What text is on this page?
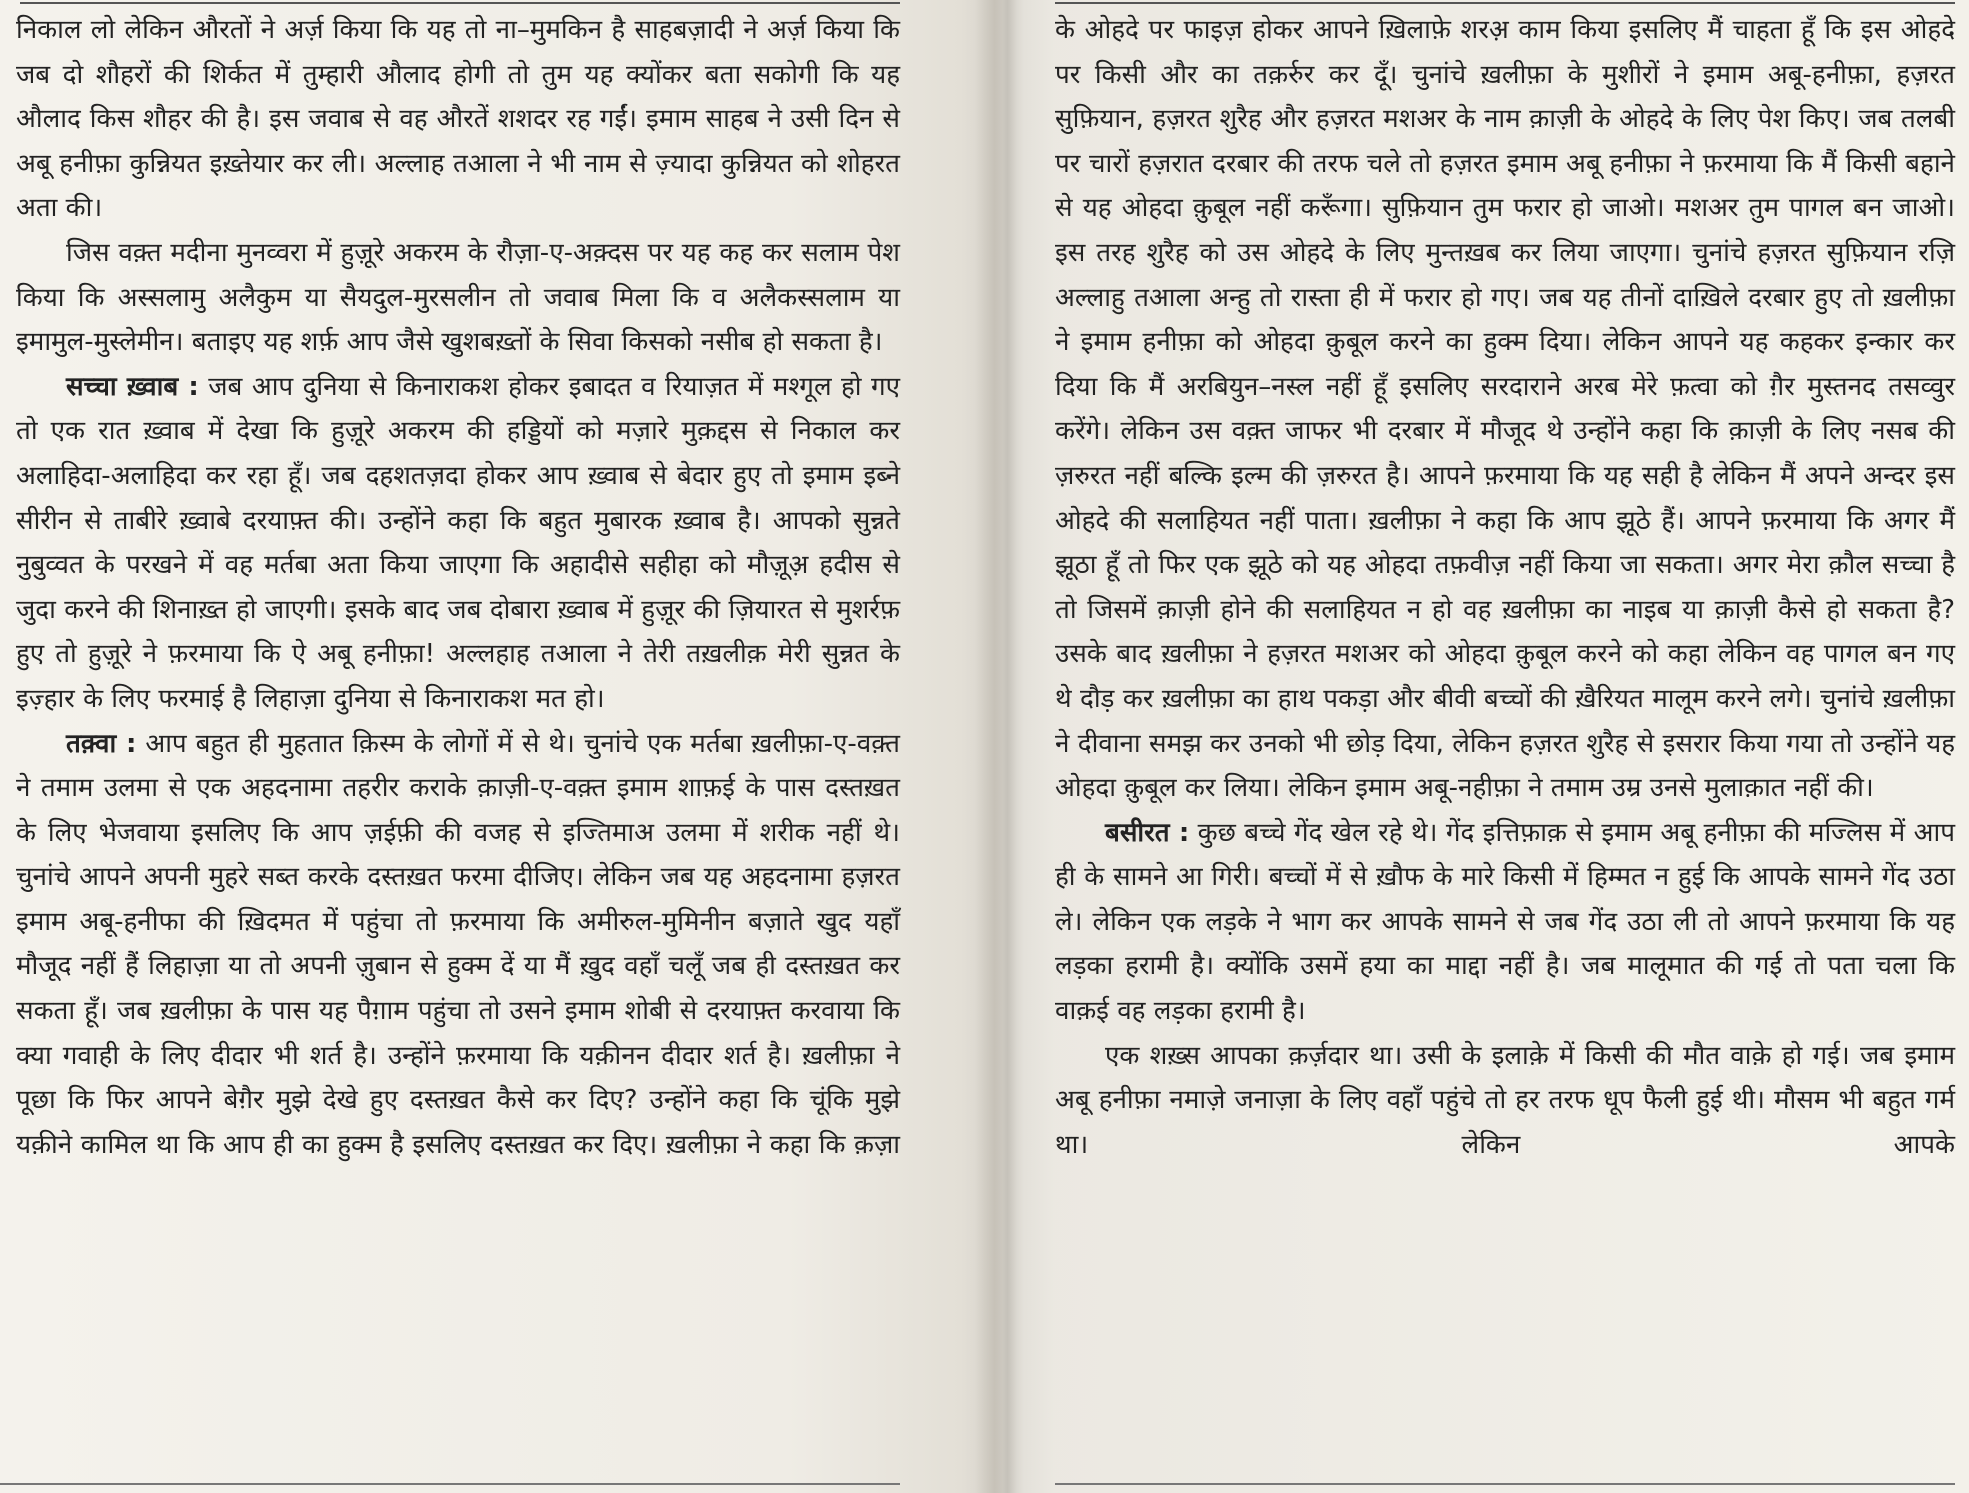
निकाल लो लेकिन औरतों ने अर्ज़ किया कि यह तो ना–मुमकिन है साहबज़ादी ने अर्ज़ किया कि जब दो शौहरों की शिर्कत में तुम्हारी औलाद होगी तो तुम यह क्योंकर बता सकोगी कि यह औलाद किस शौहर की है। इस जवाब से वह औरतें शशदर रह गईं। इमाम साहब ने उसी दिन से अबू हनीफ़ा कुन्नियत इख़्तेयार कर ली। अल्लाह तआला ने भी नाम से ज़्यादा कुन्नियत को शोहरत अता की।

जिस वक़्त मदीना मुनव्वरा में हुज़ूरे अकरम के रौज़ा-ए-अक़्दस पर यह कह कर सलाम पेश किया कि अस्सलामु अलैकुम या सैयदुल-मुरसलीन तो जवाब मिला कि व अलैकस्सलाम या इमामुल-मुस्लेमीन। बताइए यह शर्फ़ आप जैसे खुशबख़्तों के सिवा किसको नसीब हो सकता है।

सच्चा ख़्वाब : जब आप दुनिया से किनाराकश होकर इबादत व रियाज़त में मश्गूल हो गए तो एक रात ख़्वाब में देखा कि हुज़ूरे अकरम की हड्डियों को मज़ारे मुक़द्दस से निकाल कर अलाहिदा-अलाहिदा कर रहा हूँ। जब दहशतज़दा होकर आप ख़्वाब से बेदार हुए तो इमाम इब्ने सीरीन से ताबीरे ख़्वाबे दरयाफ़्त की। उन्होंने कहा कि बहुत मुबारक ख़्वाब है। आपको सुन्नते नुबुव्वत के परखने में वह मर्तबा अता किया जाएगा कि अहादीसे सहीहा को मौज़ूअ़ हदीस से जुदा करने की शिनाख़्त हो जाएगी। इसके बाद जब दोबारा ख़्वाब में हुज़ूर की ज़ियारत से मुशर्रफ़ हुए तो हुज़ूरे ने फ़रमाया कि ऐ अबू हनीफ़ा! अल्लहाह तआला ने तेरी तख़लीक़ मेरी सुन्नत के इज़्हार के लिए फरमाई है लिहाज़ा दुनिया से किनाराकश मत हो।

तक़्वा : आप बहुत ही मुहतात क़िस्म के लोगों में से थे। चुनांचे एक मर्तबा ख़लीफ़ा-ए-वक़्त ने तमाम उलमा से एक अहदनामा तहरीर कराके क़ाज़ी-ए-वक़्त इमाम शाफ़ई के पास दस्तख़त के लिए भेजवाया इसलिए कि आप ज़ईफ़ी की वजह से इज्तिमाअ उलमा में शरीक नहीं थे। चुनांचे आपने अपनी मुहरे सब्त करके दस्तख़त फरमा दीजिए। लेकिन जब यह अहदनामा हज़रत इमाम अबू-हनीफा की ख़िदमत में पहुंचा तो फ़रमाया कि अमीरुल-मुमिनीन बज़ाते खुद यहाँ मौजूद नहीं हैं लिहाज़ा या तो अपनी ज़ुबान से हुक्म दें या मैं ख़ुद वहाँ चलूँ जब ही दस्तख़त कर सकता हूँ। जब ख़लीफ़ा के पास यह पैग़ाम पहुंचा तो उसने इमाम शोबी से दरयाफ़्त करवाया कि क्या गवाही के लिए दीदार भी शर्त है। उन्होंने फ़रमाया कि यक़ीनन दीदार शर्त है। ख़लीफ़ा ने पूछा कि फिर आपने बेग़ैर मुझे देखे हुए दस्तख़त कैसे कर दिए? उन्होंने कहा कि चूंकि मुझे यक़ीने कामिल था कि आप ही का हुक्म है इसलिए दस्तख़त कर दिए। ख़लीफ़ा ने कहा कि क़ज़ा

के ओहदे पर फाइज़ होकर आपने ख़िलाफ़े शरअ़ काम किया इसलिए मैं चाहता हूँ कि इस ओहदे पर किसी और का तक़र्रुर कर दूँ। चुनांचे ख़लीफ़ा के मुशीरों ने इमाम अबू-हनीफ़ा, हज़रत सुफ़ियान, हज़रत शुरैह और हज़रत मशअर के नाम क़ाज़ी के ओहदे के लिए पेश किए। जब तलबी पर चारों हज़रात दरबार की तरफ चले तो हज़रत इमाम अबू हनीफ़ा ने फ़रमाया कि मैं किसी बहाने से यह ओहदा क़ुबूल नहीं करूँगा। सुफ़ियान तुम फरार हो जाओ। मशअर तुम पागल बन जाओ। इस तरह शुरैह को उस ओहदे के लिए मुन्तख़ब कर लिया जाएगा। चुनांचे हज़रत सुफ़ियान रज़ि अल्लाहु तआला अन्हु तो रास्ता ही में फरार हो गए। जब यह तीनों दाख़िले दरबार हुए तो ख़लीफ़ा ने इमाम हनीफ़ा को ओहदा क़ुबूल करने का हुक्म दिया। लेकिन आपने यह कहकर इन्कार कर दिया कि मैं अरबियुन–नस्ल नहीं हूँ इसलिए सरदाराने अरब मेरे फ़त्वा को ग़ैर मुस्तनद तसव्वुर करेंगे। लेकिन उस वक़्त जाफर भी दरबार में मौजूद थे उन्होंने कहा कि क़ाज़ी के लिए नसब की ज़रुरत नहीं बल्कि इल्म की ज़रुरत है। आपने फ़रमाया कि यह सही है लेकिन मैं अपने अन्दर इस ओहदे की सलाहियत नहीं पाता। ख़लीफ़ा ने कहा कि आप झूठे हैं। आपने फ़रमाया कि अगर मैं झूठा हूँ तो फिर एक झूठे को यह ओहदा तफ़वीज़ नहीं किया जा सकता। अगर मेरा क़ौल सच्चा है तो जिसमें क़ाज़ी होने की सलाहियत न हो वह ख़लीफ़ा का नाइब या क़ाज़ी कैसे हो सकता है? उसके बाद ख़लीफ़ा ने हज़रत मशअर को ओहदा क़ुबूल करने को कहा लेकिन वह पागल बन गए थे दौड़ कर ख़लीफ़ा का हाथ पकड़ा और बीवी बच्चों की ख़ैरियत मालूम करने लगे। चुनांचे ख़लीफ़ा ने दीवाना समझ कर उनको भी छोड़ दिया, लेकिन हज़रत शुरैह से इसरार किया गया तो उन्होंने यह ओहदा क़ुबूल कर लिया। लेकिन इमाम अबू-नहीफ़ा ने तमाम उम्र उनसे मुलाक़ात नहीं की।

बसीरत : कुछ बच्चे गेंद खेल रहे थे। गेंद इत्तिफ़ाक़ से इमाम अबू हनीफ़ा की मज्लिस में आप ही के सामने आ गिरी। बच्चों में से ख़ौफ के मारे किसी में हिम्मत न हुई कि आपके सामने गेंद उठा ले। लेकिन एक लड़के ने भाग कर आपके सामने से जब गेंद उठा ली तो आपने फ़रमाया कि यह लड़का हरामी है। क्योंकि उसमें हया का माद्दा नहीं है। जब मालूमात की गई तो पता चला कि वाक़ई वह लड़का हरामी है।

एक शख़्स आपका क़र्ज़दार था। उसी के इलाक़े में किसी की मौत वाक़े हो गई। जब इमाम अबू हनीफ़ा नमाज़े जनाज़ा के लिए वहाँ पहुंचे तो हर तरफ धूप फैली हुई थी। मौसम भी बहुत गर्म था। लेकिन आपके
